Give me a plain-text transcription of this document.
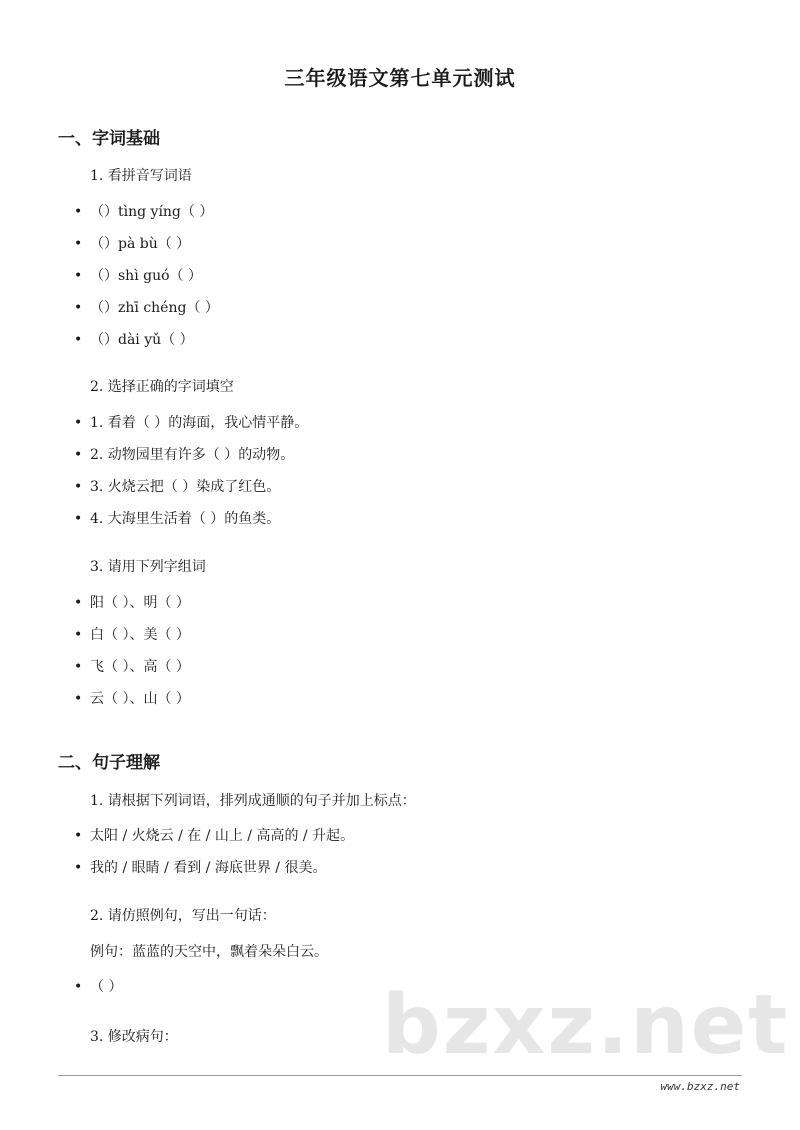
三年级语文第七单元测试
一、字词基础
1. 看拼音写词语
• （）tìng yíng（ ）
• （）pà bù（ ）
• （）shì guó（ ）
• （）zhī chéng（ ）
• （）dài yǔ（ ）
2. 选择正确的字词填空
• 1. 看着（ ）的海面，我心情平静。
• 2. 动物园里有许多（ ）的动物。
• 3. 火烧云把（ ）染成了红色。
• 4. 大海里生活着（ ）的鱼类。
3. 请用下列字组词
• 阳（ ）、明（ ）
• 白（ ）、美（ ）
• 飞（ ）、高（ ）
• 云（ ）、山（ ）
二、句子理解
1. 请根据下列词语，排列成通顺的句子并加上标点：
• 太阳 / 火烧云 / 在 / 山上 / 高高的 / 升起。
• 我的 / 眼睛 / 看到 / 海底世界 / 很美。
2. 请仿照例句，写出一句话：
例句：蓝蓝的天空中，飘着朵朵白云。
• （ ）
3. 修改病句： bzxz.net
www.bzxz.net
